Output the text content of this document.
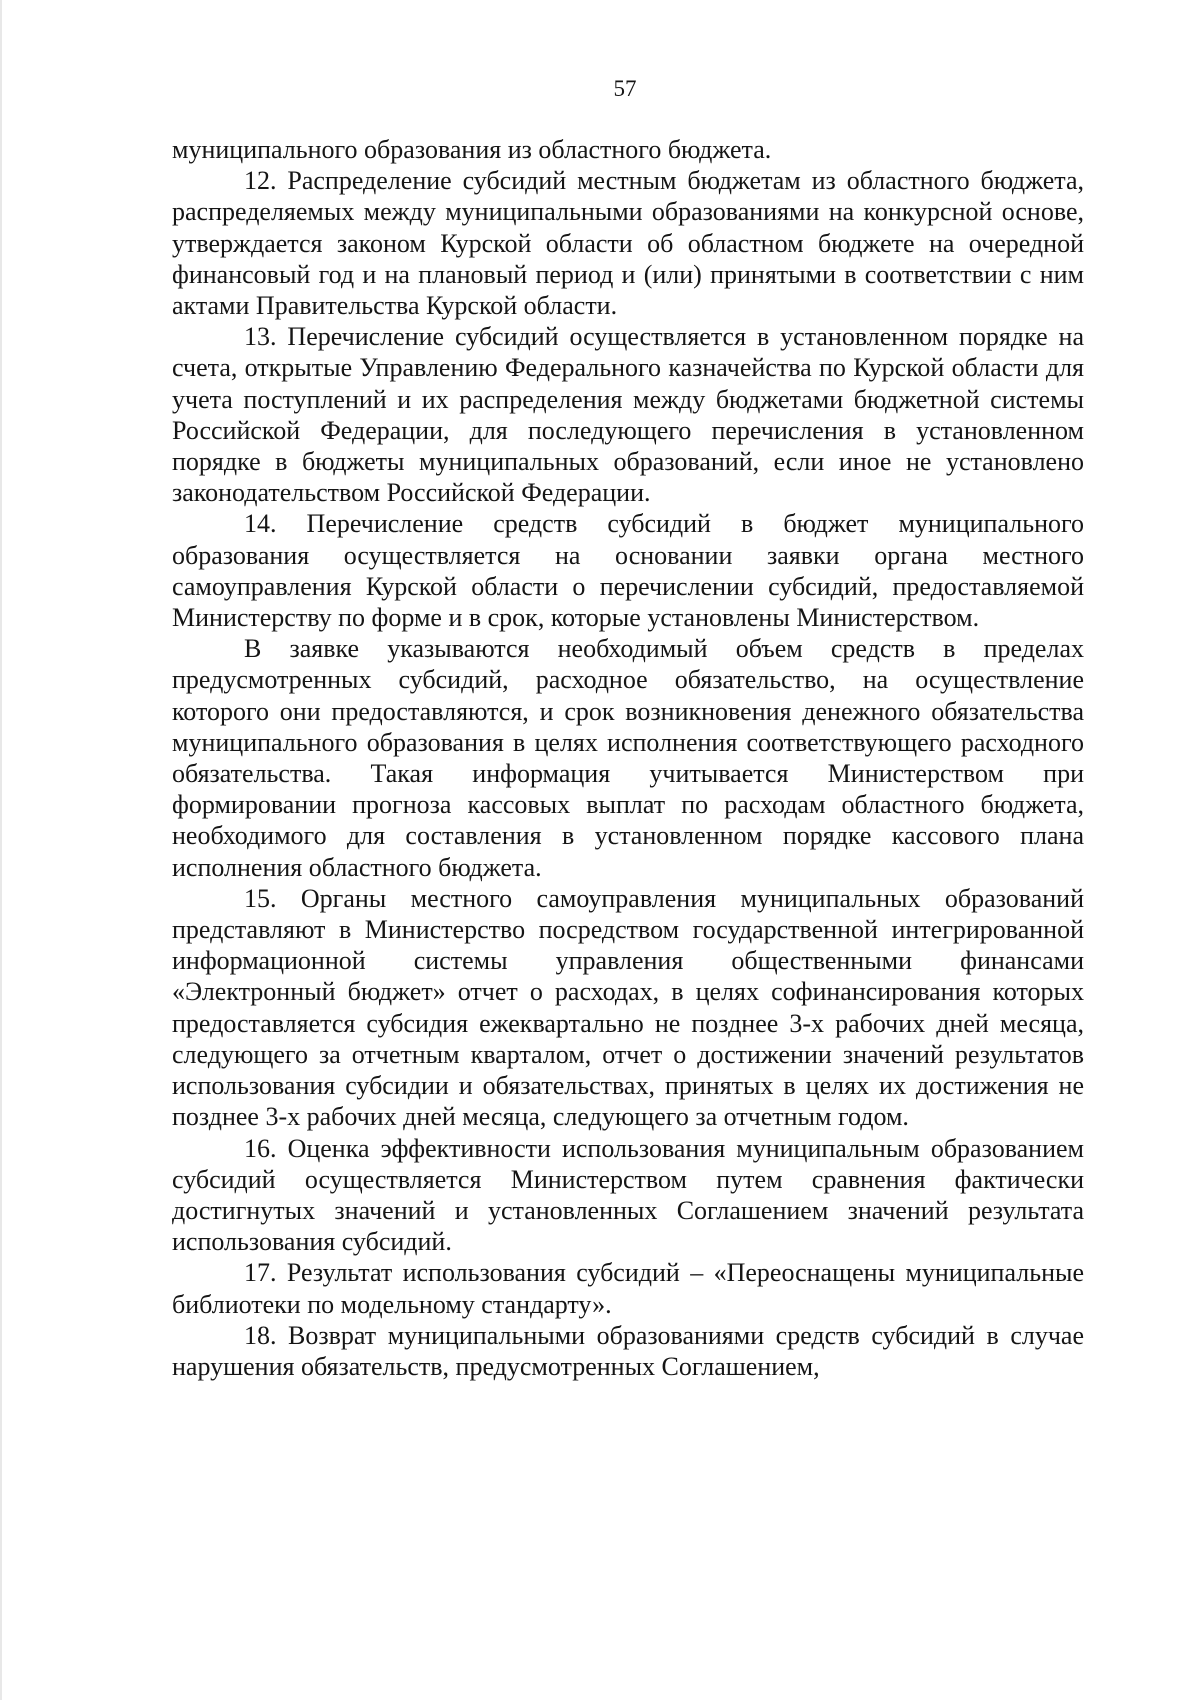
57

муниципального образования из областного бюджета.

12. Распределение субсидий местным бюджетам из областного бюджета, распределяемых между муниципальными образованиями на конкурсной основе, утверждается законом Курской области об областном бюджете на очередной финансовый год и на плановый период и (или) принятыми в соответствии с ним актами Правительства Курской области.

13. Перечисление субсидий осуществляется в установленном порядке на счета, открытые Управлению Федерального казначейства по Курской области для учета поступлений и их распределения между бюджетами бюджетной системы Российской Федерации, для последующего перечисления в установленном порядке в бюджеты муниципальных образований, если иное не установлено законодательством Российской Федерации.

14. Перечисление средств субсидий в бюджет муниципального образования осуществляется на основании заявки органа местного самоуправления Курской области о перечислении субсидий, предоставляемой Министерству по форме и в срок, которые установлены Министерством.

В заявке указываются необходимый объем средств в пределах предусмотренных субсидий, расходное обязательство, на осуществление которого они предоставляются, и срок возникновения денежного обязательства муниципального образования в целях исполнения соответствующего расходного обязательства. Такая информация учитывается Министерством при формировании прогноза кассовых выплат по расходам областного бюджета, необходимого для составления в установленном порядке кассового плана исполнения областного бюджета.

15. Органы местного самоуправления муниципальных образований представляют в Министерство посредством государственной интегрированной информационной системы управления общественными финансами «Электронный бюджет» отчет о расходах, в целях софинансирования которых предоставляется субсидия ежеквартально не позднее 3-х рабочих дней месяца, следующего за отчетным кварталом, отчет о достижении значений результатов использования субсидии и обязательствах, принятых в целях их достижения не позднее 3-х рабочих дней месяца, следующего за отчетным годом.

16. Оценка эффективности использования муниципальным образованием субсидий осуществляется Министерством путем сравнения фактически достигнутых значений и установленных Соглашением значений результата использования субсидий.

17. Результат использования субсидий – «Переоснащены муниципальные библиотеки по модельному стандарту».

18. Возврат муниципальными образованиями средств субсидий в случае нарушения обязательств, предусмотренных Соглашением,
